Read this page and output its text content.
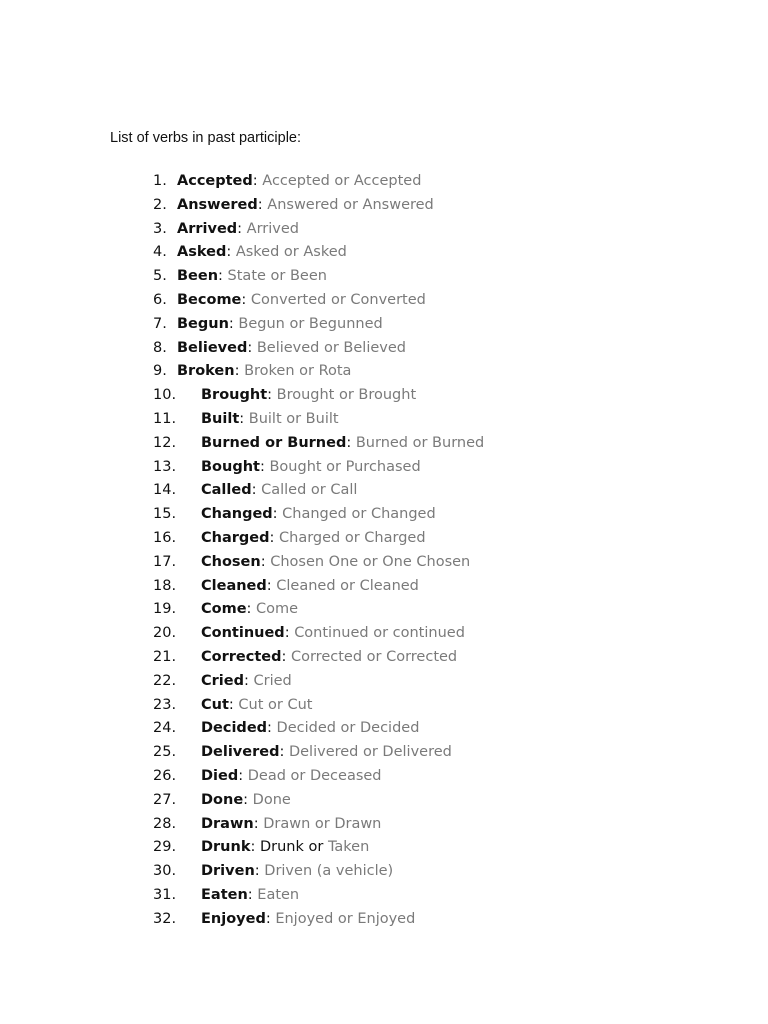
List of verbs in past participle:
1. Accepted: Accepted or Accepted
2. Answered: Answered or Answered
3. Arrived: Arrived
4. Asked: Asked or Asked
5. Been: State or Been
6. Become: Converted or Converted
7. Begun: Begun or Begunned
8. Believed: Believed or Believed
9. Broken: Broken or Rota
10. Brought: Brought or Brought
11. Built: Built or Built
12. Burned or Burned: Burned or Burned
13. Bought: Bought or Purchased
14. Called: Called or Call
15. Changed: Changed or Changed
16. Charged: Charged or Charged
17. Chosen: Chosen One or One Chosen
18. Cleaned: Cleaned or Cleaned
19. Come: Come
20. Continued: Continued or continued
21. Corrected: Corrected or Corrected
22. Cried: Cried
23. Cut: Cut or Cut
24. Decided: Decided or Decided
25. Delivered: Delivered or Delivered
26. Died: Dead or Deceased
27. Done: Done
28. Drawn: Drawn or Drawn
29. Drunk: Drunk or Taken
30. Driven: Driven (a vehicle)
31. Eaten: Eaten
32. Enjoyed: Enjoyed or Enjoyed
